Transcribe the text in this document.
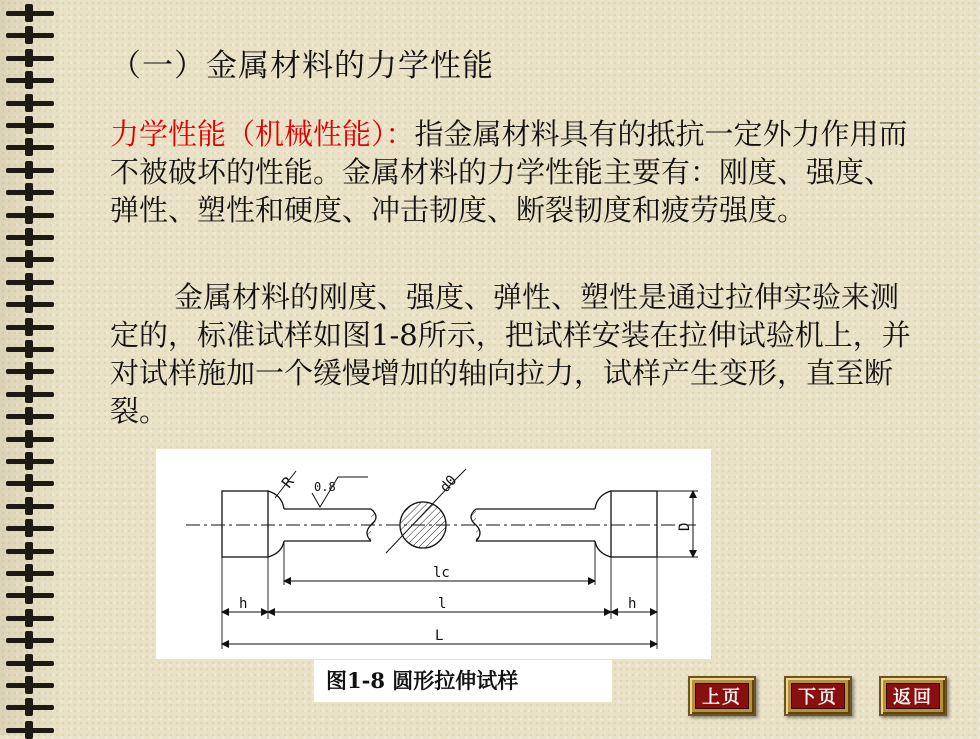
（一）金属材料的力学性能
力学性能（机械性能）：指金属材料具有的抵抗一定外力作用而不被破坏的性能。金属材料的力学性能主要有：刚度、强度、弹性、塑性和硬度、冲击韧度、断裂韧度和疲劳强度。
金属材料的刚度、强度、弹性、塑性是通过拉伸实验来测定的，标准试样如图1-8所示，把试样安装在拉伸试验机上，并对试样施加一个缓慢增加的轴向拉力，试样产生变形，直至断裂。
R 0.8	d0
D
lc
l
h	h
L
图1-8 圆形拉伸试样
上页	下页	返回
